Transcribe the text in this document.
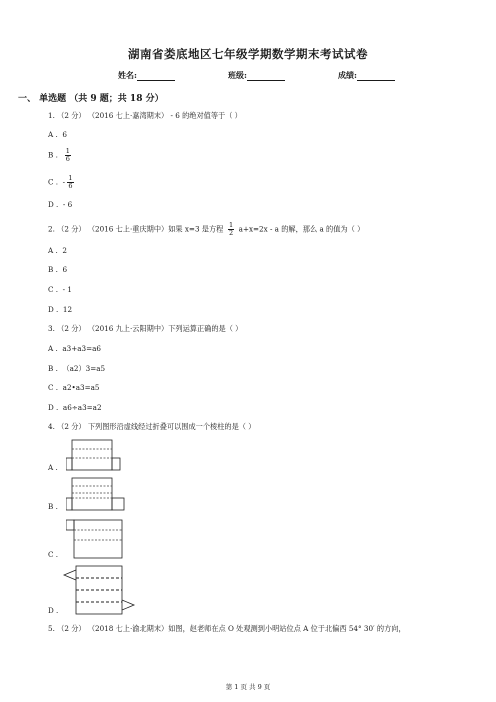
湖南省娄底地区七年级学期数学期末考试试卷
姓名:	班级:	成绩:
一、 单选题 （共 9 题；共 18 分）
1. （2 分） （2016 七上·嘉湾期末） - 6 的绝对值等于（ ）
A . 6
B . $\frac{1}{6}$
C . - $\frac{1}{6}$
D . - 6
2. （2 分） （2016 七上·重庆期中）如果 x=3 是方程 $\frac{1}{2} a+x=2x - a$ 的解，那么 a 的值为（ ）
A . 2
B . 6
C . - 1
D . 12
3. （2 分） （2016 九上·云阳期中）下列运算正确的是（ ）
A . a3+a3=a6
B . （a2）3=a5
C . a2•a3=a5
D . a6÷a3=a2
4. （2 分） 下列图形沿虚线经过折叠可以围成一个棱柱的是（ ）
A .
B .
C .
D .
5. （2 分） （2018 七上·渝北期末）如图，赵老师在点 O 处观测到小明站位点 A 位于北偏西 54° 30′ 的方向，
第 1 页 共 9 页
